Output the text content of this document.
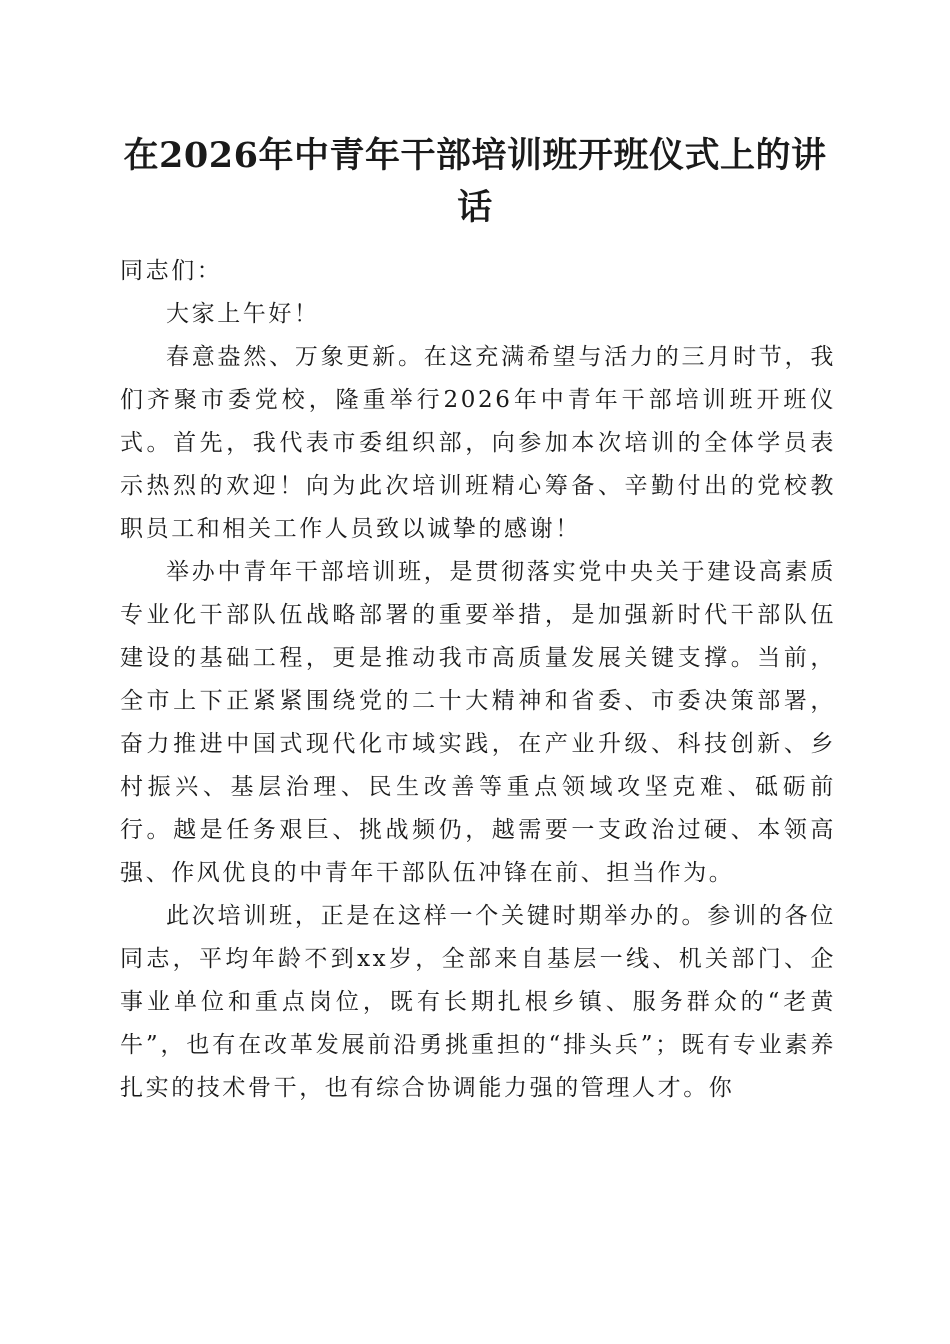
在2026年中青年干部培训班开班仪式上的讲话

同志们：

大家上午好！

春意盎然、万象更新。在这充满希望与活力的三月时节，我们齐聚市委党校，隆重举行2026年中青年干部培训班开班仪式。首先，我代表市委组织部，向参加本次培训的全体学员表示热烈的欢迎！向为此次培训班精心筹备、辛勤付出的党校教职员工和相关工作人员致以诚挚的感谢！

举办中青年干部培训班，是贯彻落实党中央关于建设高素质专业化干部队伍战略部署的重要举措，是加强新时代干部队伍建设的基础工程，更是推动我市高质量发展关键支撑。当前，全市上下正紧紧围绕党的二十大精神和省委、市委决策部署，奋力推进中国式现代化市域实践，在产业升级、科技创新、乡村振兴、基层治理、民生改善等重点领域攻坚克难、砥砺前行。越是任务艰巨、挑战频仍，越需要一支政治过硬、本领高强、作风优良的中青年干部队伍冲锋在前、担当作为。

此次培训班，正是在这样一个关键时期举办的。参训的各位同志，平均年龄不到xx岁，全部来自基层一线、机关部门、企事业单位和重点岗位，既有长期扎根乡镇、服务群众的“老黄牛”，也有在改革发展前沿勇挑重担的“排头兵”；既有专业素养扎实的技术骨干，也有综合协调能力强的管理人才。你
